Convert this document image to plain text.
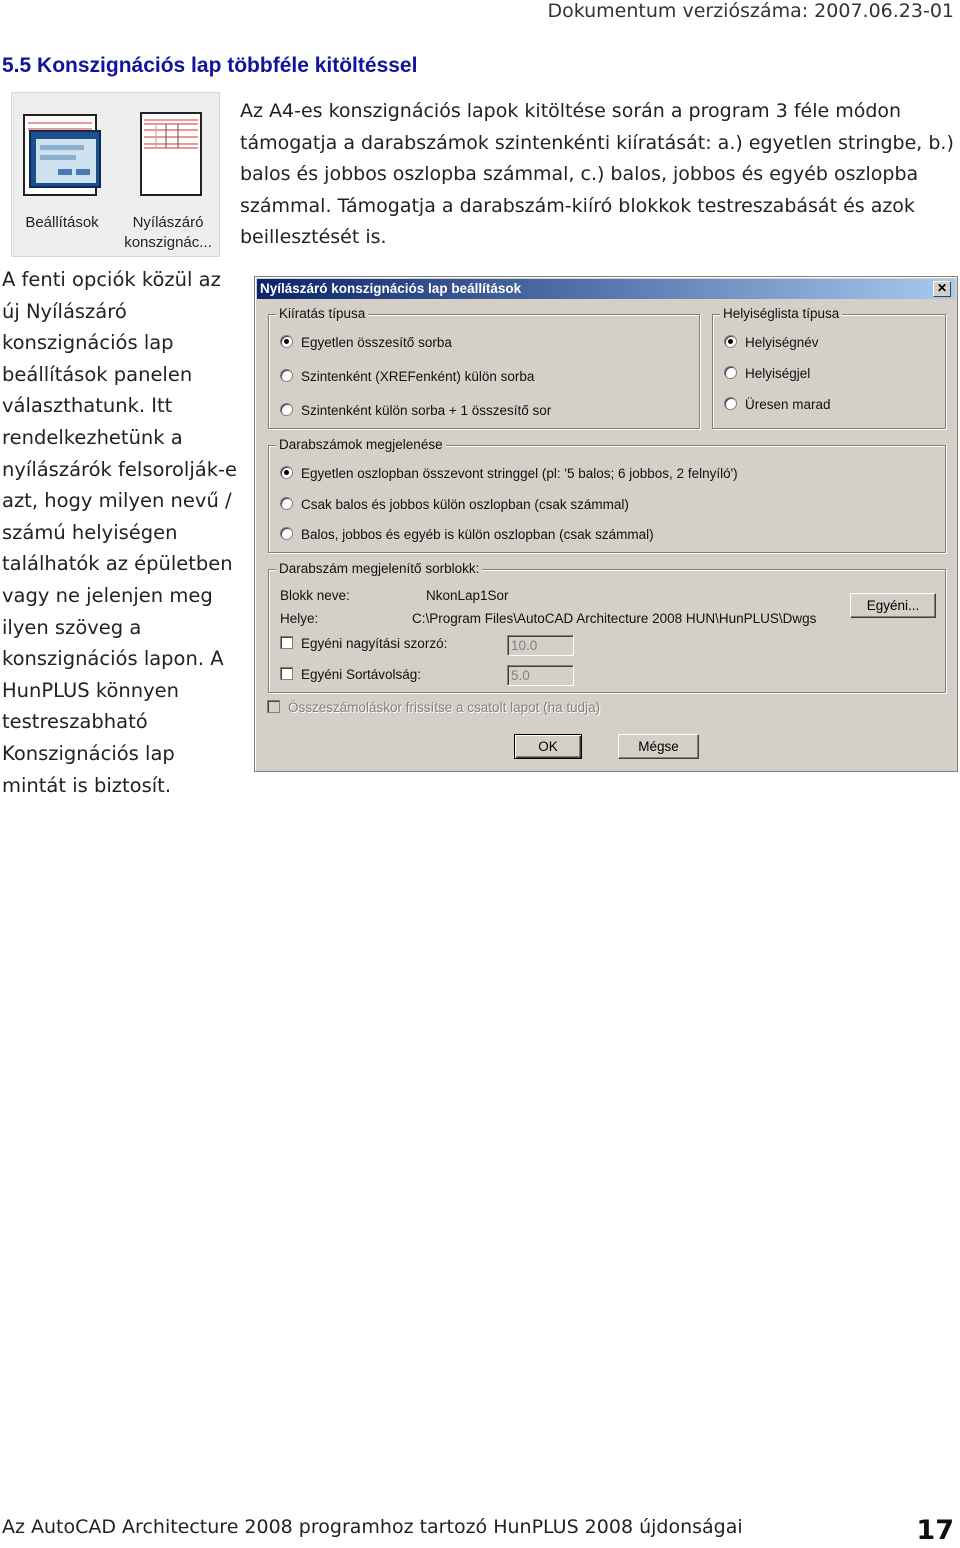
Dokumentum verziószáma: 2007.06.23-01
5.5 Konszignációs lap többféle kitöltéssel
Beállítások	Nyílászáró
konszignác...
Az A4-es konszignációs lapok kitöltése során a program 3 féle módon támogatja a darabszámok szintenkénti kiíratását: a.) egyetlen stringbe, b.) balos és jobbos oszlopba számmal, c.) balos, jobbos és egyéb oszlopba számmal. Támogatja a darabszám-kiíró blokkok testreszabását és azok beillesztését is.
A fenti opciók közül az új Nyílászáró konszignációs lap beállítások panelen választhatunk. Itt rendelkezhetünk a nyílászárók felsorolják-e azt, hogy milyen nevű / számú helyiségen találhatók az épületben vagy ne jelenjen meg ilyen szöveg a konszignációs lapon. A HunPLUS könnyen testreszabható Konszignációs lap mintát is biztosít.
Nyílászáró konszignációs lap beállítások	✕
Kiíratás típusa
Egyetlen összesítő sorba
Szintenként (XREFenként) külön sorba
Szintenként külön sorba + 1 összesítő sor
Helyiséglista típusa
Helyiségnév
Helyiségjel
Üresen marad
Darabszámok megjelenése
Egyetlen oszlopban összevont stringgel (pl: '5 balos; 6 jobbos, 2 felnyíló')
Csak balos és jobbos külön oszlopban (csak számmal)
Balos, jobbos és egyéb is külön oszlopban (csak számmal)
Darabszám megjelenítő sorblokk:
Blokk neve:	NkonLap1Sor
Helye:	C:\Program Files\AutoCAD Architecture 2008 HUN\HunPLUS\Dwgs
Egyéni...
Egyéni nagyítási szorzó:	10.0
Egyéni Sortávolság:	5.0
Összeszámoláskor frissítse a csatolt lapot (ha tudja)
OK	Mégse
Az AutoCAD Architecture 2008 programhoz tartozó HunPLUS 2008 újdonságai	17
